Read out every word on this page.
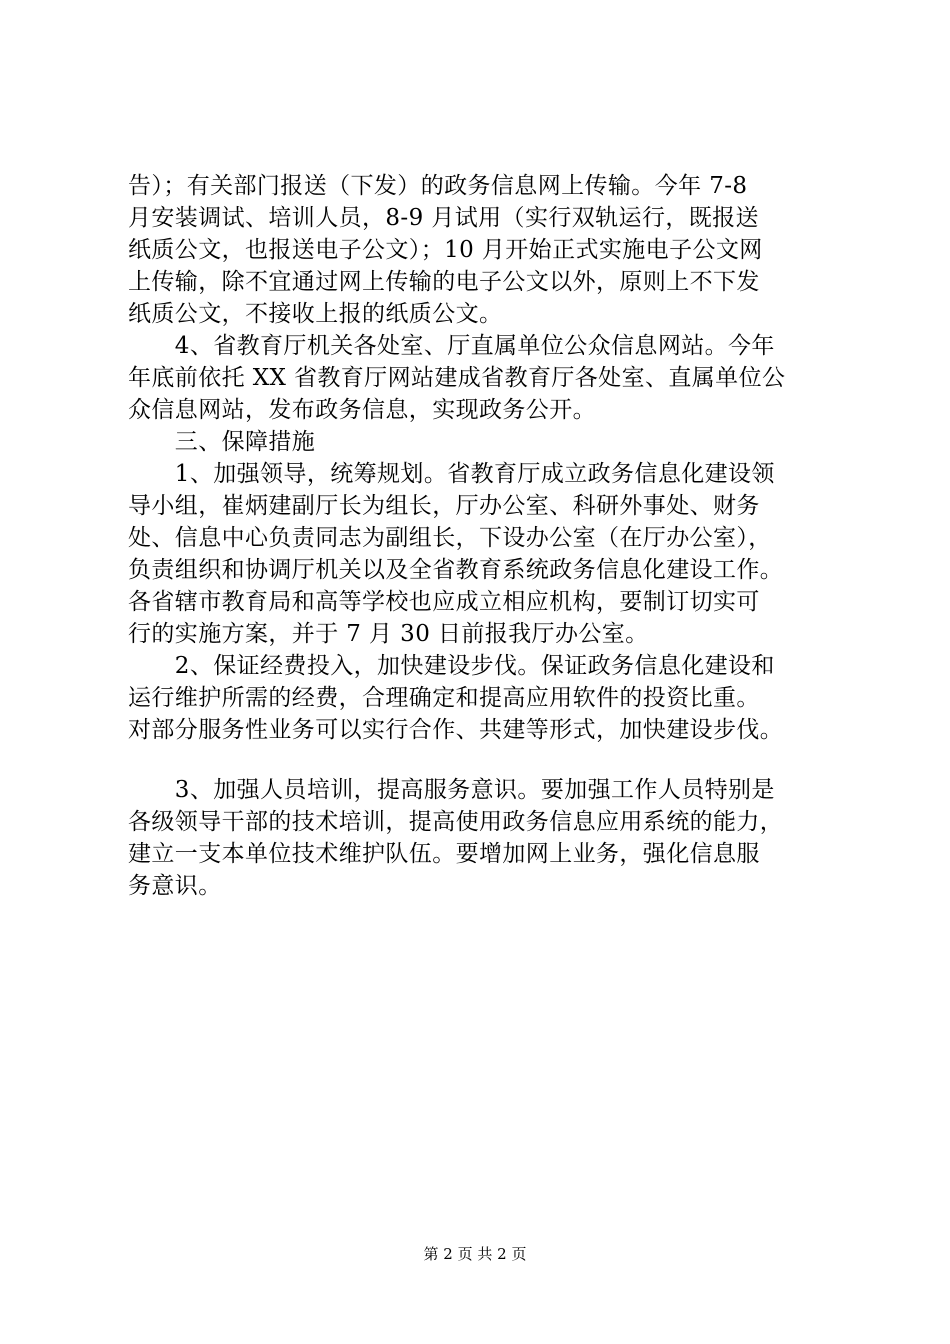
告）；有关部门报送（下发）的政务信息网上传输。今年 7-8
月安装调试、培训人员，8-9 月试用（实行双轨运行，既报送
纸质公文，也报送电子公文）；10 月开始正式实施电子公文网
上传输，除不宜通过网上传输的电子公文以外，原则上不下发
纸质公文，不接收上报的纸质公文。
　　4、省教育厅机关各处室、厅直属单位公众信息网站。今年
年底前依托 XX 省教育厅网站建成省教育厅各处室、直属单位公
众信息网站，发布政务信息，实现政务公开。
　　三、保障措施
　　1、加强领导，统筹规划。省教育厅成立政务信息化建设领
导小组，崔炳建副厅长为组长，厅办公室、科研外事处、财务
处、信息中心负责同志为副组长，下设办公室（在厅办公室），
负责组织和协调厅机关以及全省教育系统政务信息化建设工作。
各省辖市教育局和高等学校也应成立相应机构，要制订切实可
行的实施方案，并于 7 月 30 日前报我厅办公室。
　　2、保证经费投入，加快建设步伐。保证政务信息化建设和
运行维护所需的经费，合理确定和提高应用软件的投资比重。
对部分服务性业务可以实行合作、共建等形式，加快建设步伐。
　　3、加强人员培训，提高服务意识。要加强工作人员特别是
各级领导干部的技术培训，提高使用政务信息应用系统的能力，
建立一支本单位技术维护队伍。要增加网上业务，强化信息服
务意识。
第 2 页 共 2 页
